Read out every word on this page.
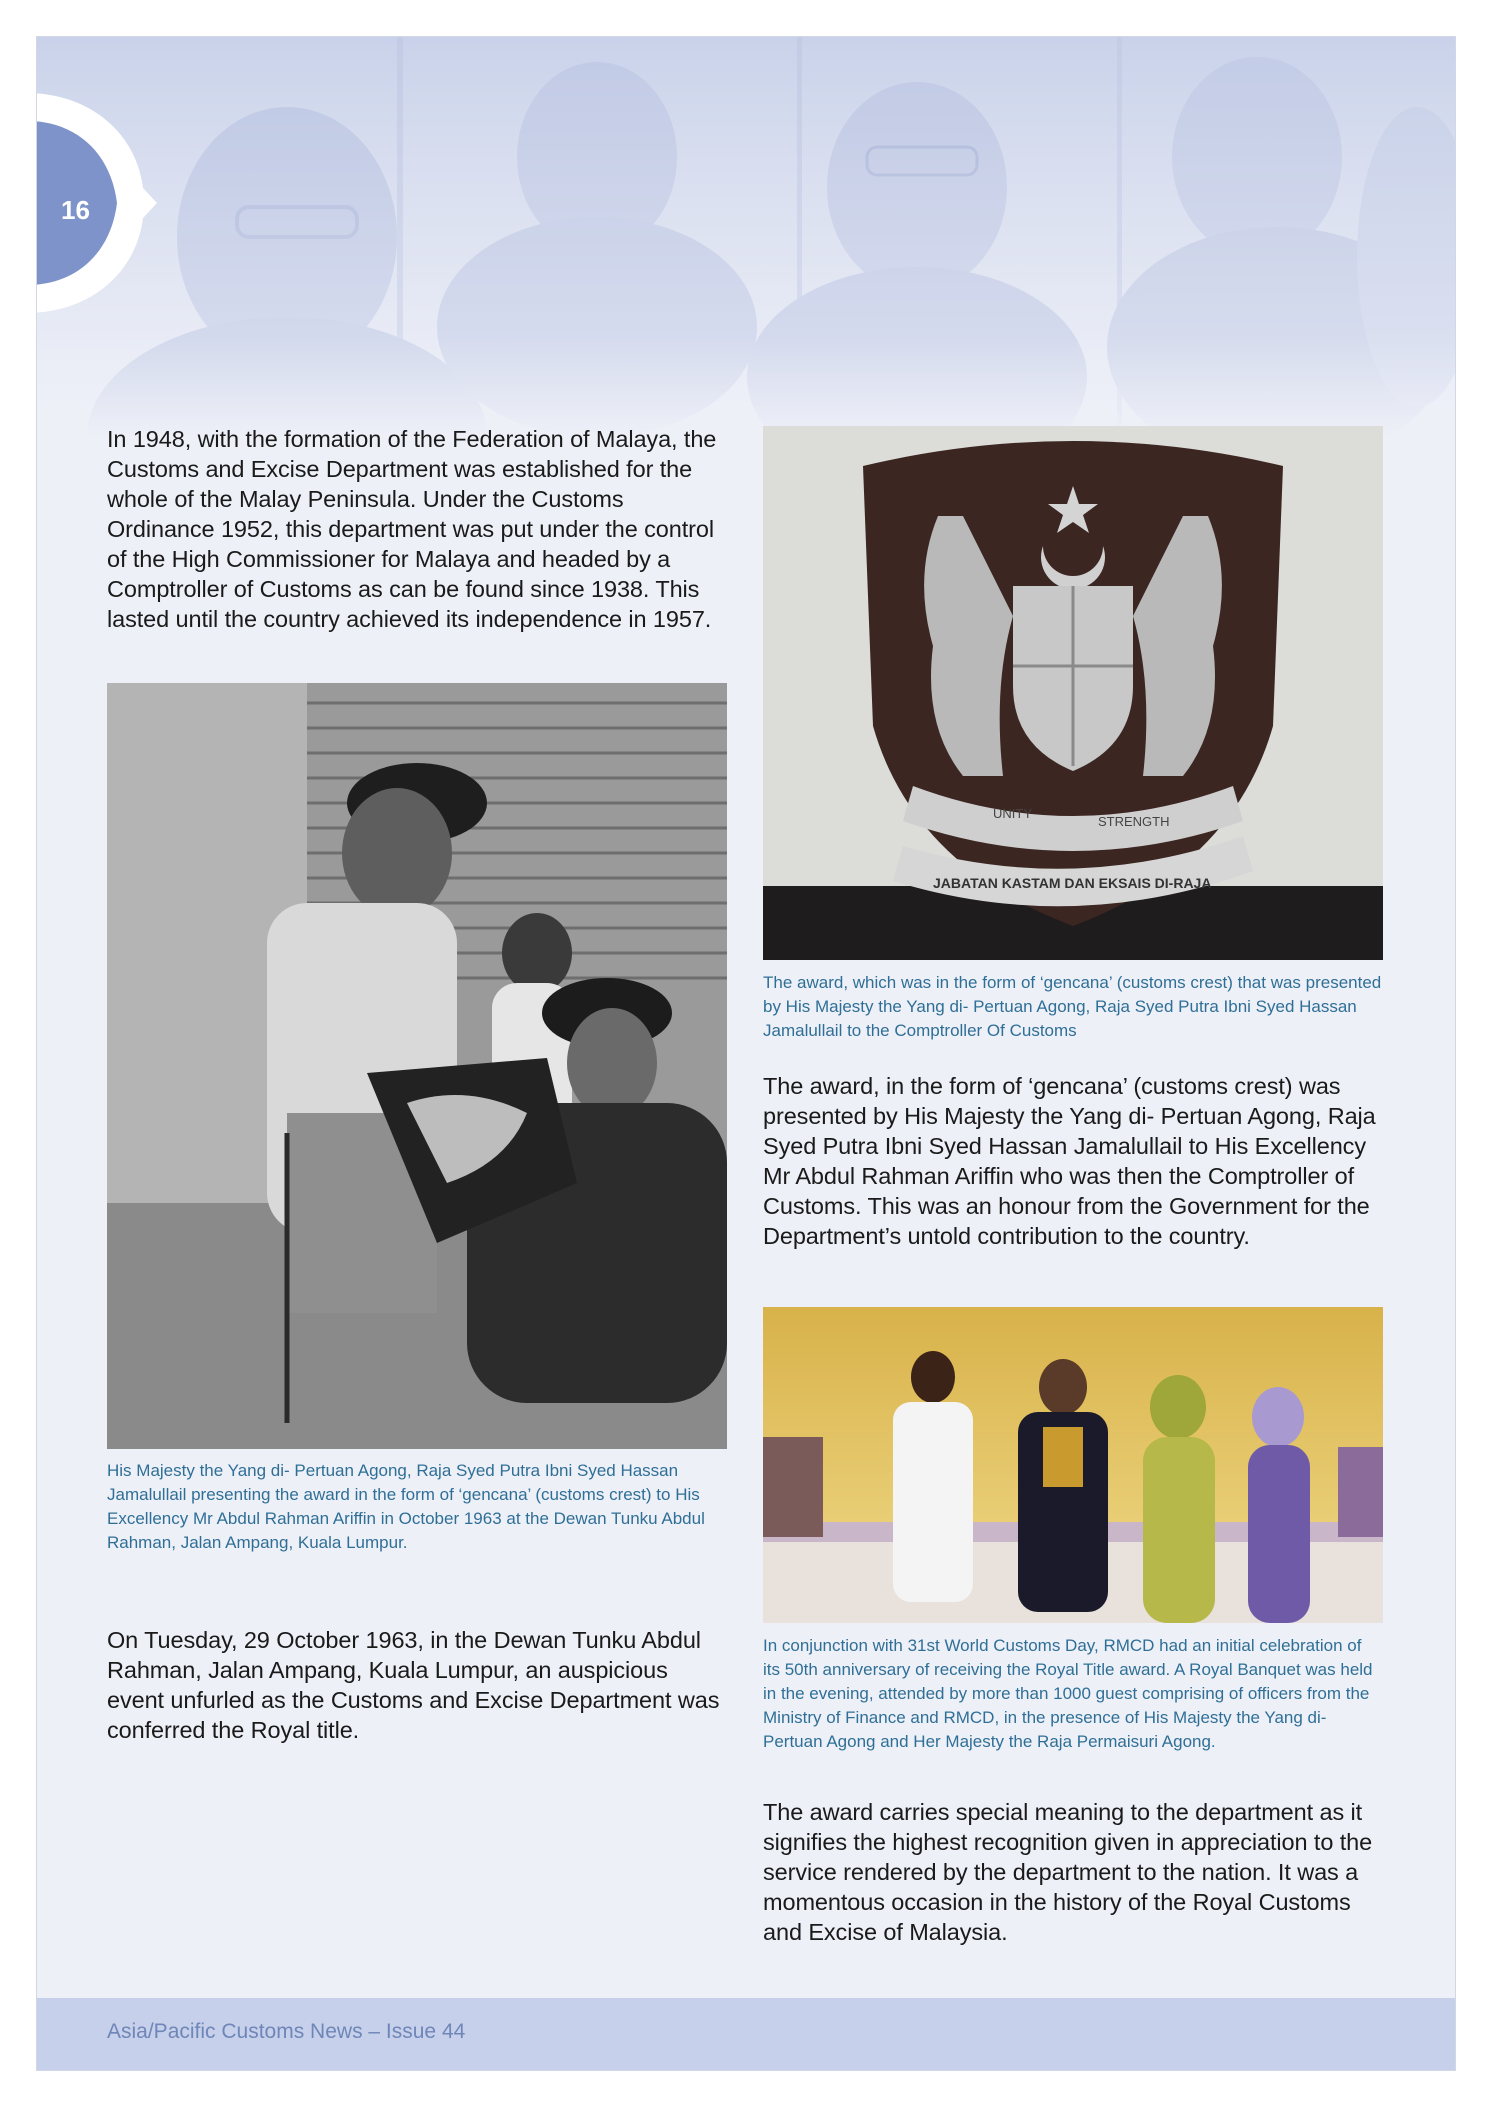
16
In 1948, with the formation of the Federation of Malaya, the Customs and Excise Department was established for the whole of the Malay Peninsula. Under the Customs Ordinance 1952, this department was put under the control of the High Commissioner for Malaya and headed by a Comptroller of Customs as can be found since 1938. This lasted until the country achieved its independence in 1957.
His Majesty the Yang di- Pertuan Agong, Raja Syed Putra Ibni Syed Hassan Jamalullail presenting the award in the form of ‘gencana’ (customs crest) to His Excellency Mr Abdul Rahman Ariffin in October 1963 at the Dewan Tunku Abdul Rahman, Jalan Ampang, Kuala Lumpur.
On Tuesday, 29 October 1963, in the Dewan Tunku Abdul Rahman, Jalan Ampang, Kuala Lumpur, an auspicious event unfurled as the Customs and Excise Department was conferred the Royal title.
UNITY
STRENGTH
JABATAN KASTAM DAN EKSAIS DI-RAJA
The award, which was in the form of ‘gencana’ (customs crest) that was presented by His Majesty the Yang di- Pertuan Agong, Raja Syed Putra Ibni Syed Hassan Jamalullail to the Comptroller Of Customs
The award, in the form of ‘gencana’ (customs crest) was presented by His Majesty the Yang di- Pertuan Agong, Raja Syed Putra Ibni Syed Hassan Jamalullail to His Excellency Mr Abdul Rahman Ariffin who was then the Comptroller of Customs. This was an honour from the Government for the Department’s untold contribution to the country.
In conjunction with 31st World Customs Day, RMCD had an initial celebration of its 50th anniversary of receiving the Royal Title award. A Royal Banquet was held in the evening, attended by more than 1000 guest comprising of officers from the Ministry of Finance and RMCD, in the presence of His Majesty the Yang di-Pertuan Agong and Her Majesty the Raja Permaisuri Agong.
The award carries special meaning to the department as it signifies the highest recognition given in appreciation to the service rendered by the department to the nation. It was a momentous occasion in the history of the Royal Customs and Excise of Malaysia.
Asia/Pacific Customs News – Issue 44
